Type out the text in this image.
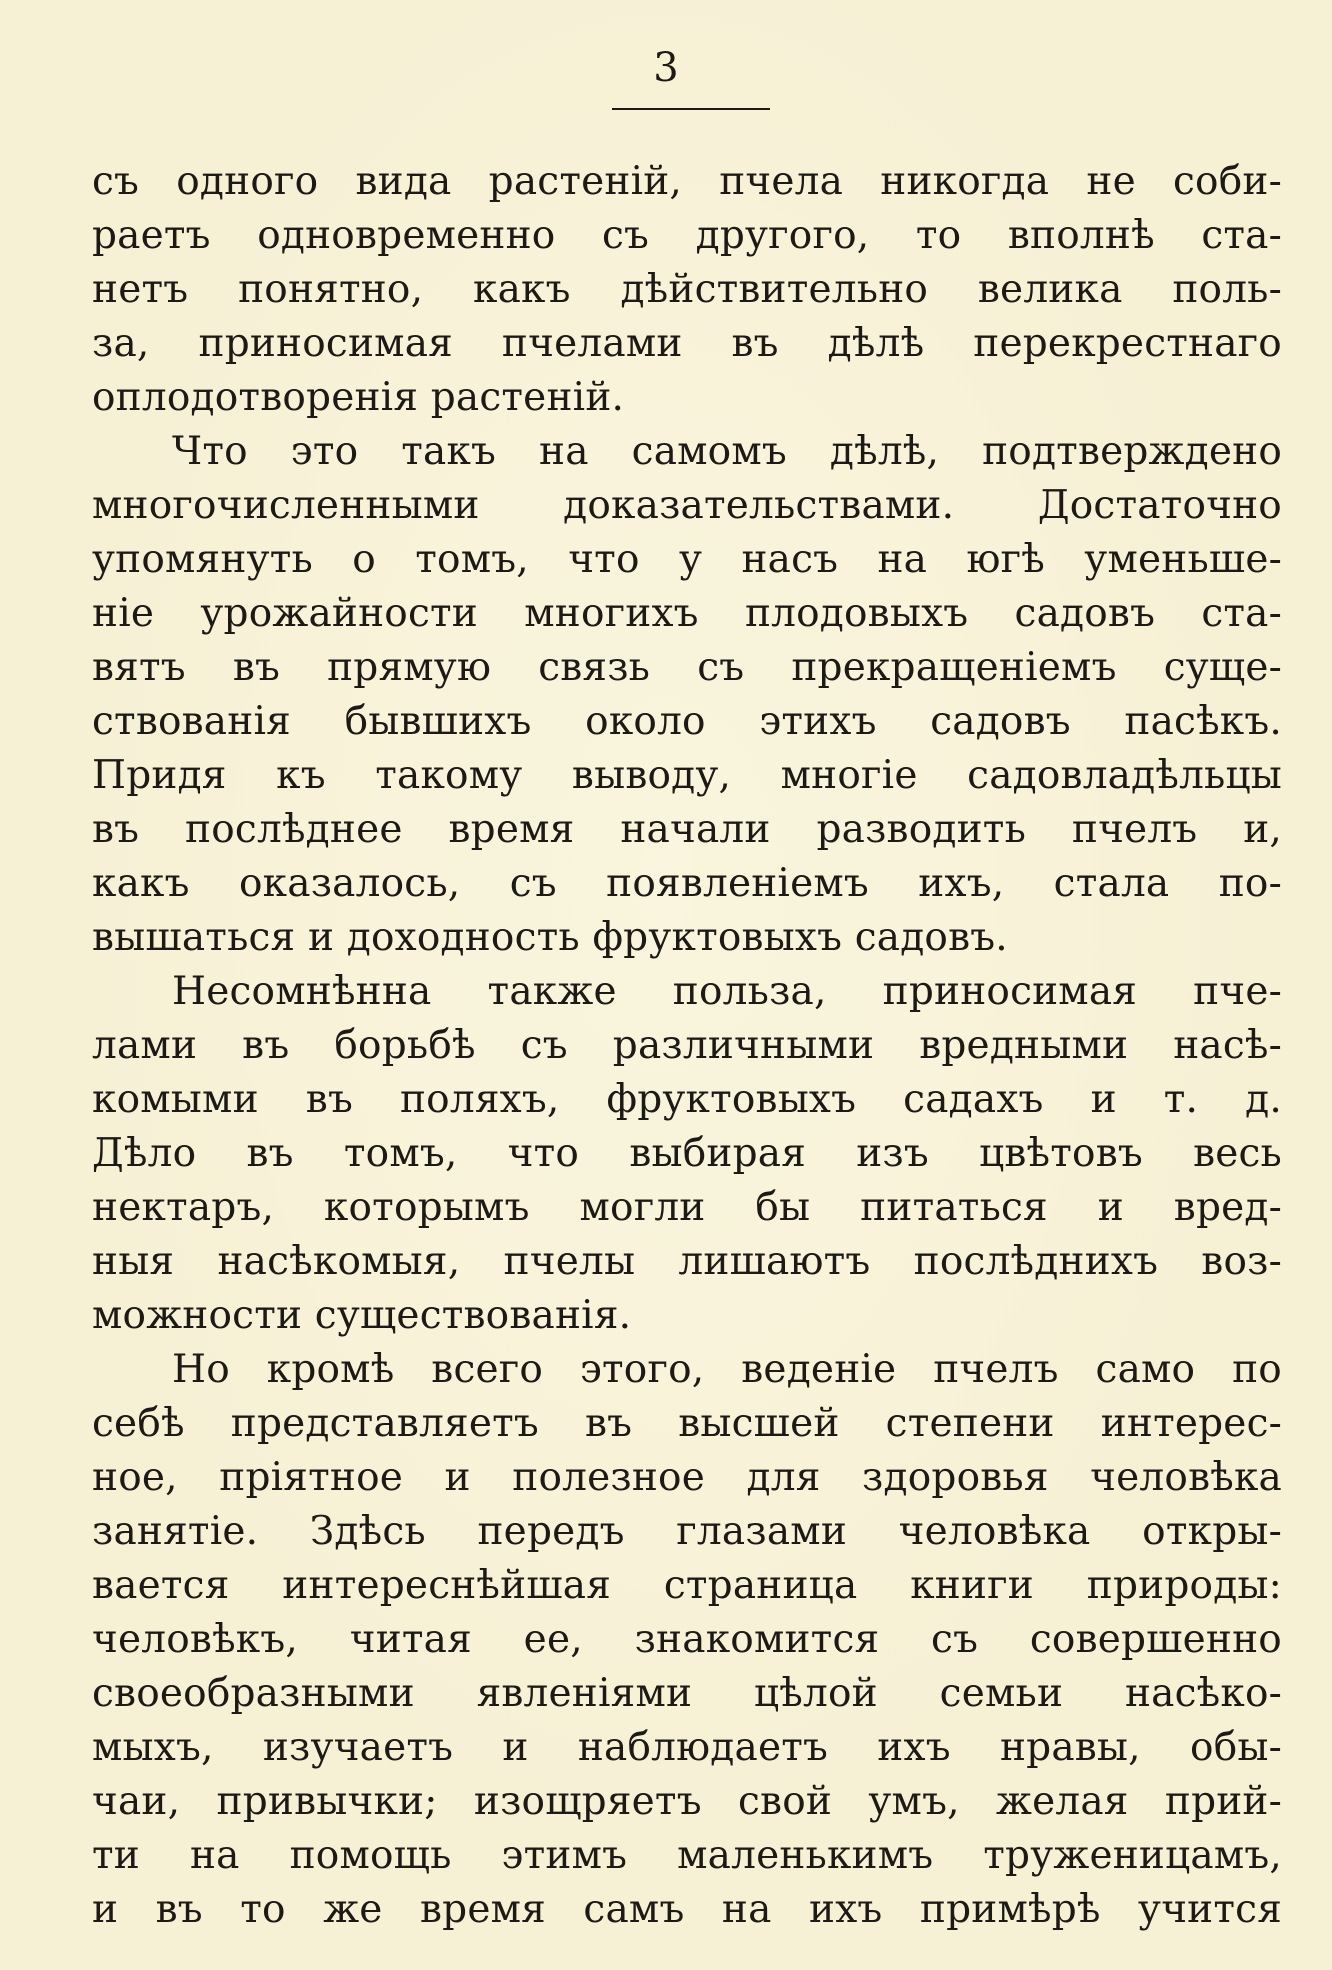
3
съ одного вида растеній, пчела никогда не соби-
раетъ одновременно съ другого, то вполнѣ ста-
нетъ понятно, какъ дѣйствительно велика поль-
за, приносимая пчелами въ дѣлѣ перекрестнаго
оплодотворенія растеній.
Что это такъ на самомъ дѣлѣ, подтверждено
многочисленными доказательствами. Достаточно
упомянуть о томъ, что у насъ на югѣ уменьше-
ніе урожайности многихъ плодовыхъ садовъ ста-
вятъ въ прямую связь съ прекращеніемъ суще-
ствованія бывшихъ около этихъ садовъ пасѣкъ.
Придя къ такому выводу, многіе садовладѣльцы
въ послѣднее время начали разводить пчелъ и,
какъ оказалось, съ появленіемъ ихъ, стала по-
вышаться и доходность фруктовыхъ садовъ.
Несомнѣнна также польза, приносимая пче-
лами въ борьбѣ съ различными вредными насѣ-
комыми въ поляхъ, фруктовыхъ садахъ и т. д.
Дѣло въ томъ, что выбирая изъ цвѣтовъ весь
нектаръ, которымъ могли бы питаться и вред-
ныя насѣкомыя, пчелы лишаютъ послѣднихъ воз-
можности существованія.
Но кромѣ всего этого, веденіе пчелъ само по
себѣ представляетъ въ высшей степени интерес-
ное, пріятное и полезное для здоровья человѣка
занятіе. Здѣсь передъ глазами человѣка откры-
вается интереснѣйшая страница книги природы:
человѣкъ, читая ее, знакомится съ совершенно
своеобразными явленіями цѣлой семьи насѣко-
мыхъ, изучаетъ и наблюдаетъ ихъ нравы, обы-
чаи, привычки; изощряетъ свой умъ, желая прий-
ти на помощь этимъ маленькимъ труженицамъ,
и въ то же время самъ на ихъ примѣрѣ учится
